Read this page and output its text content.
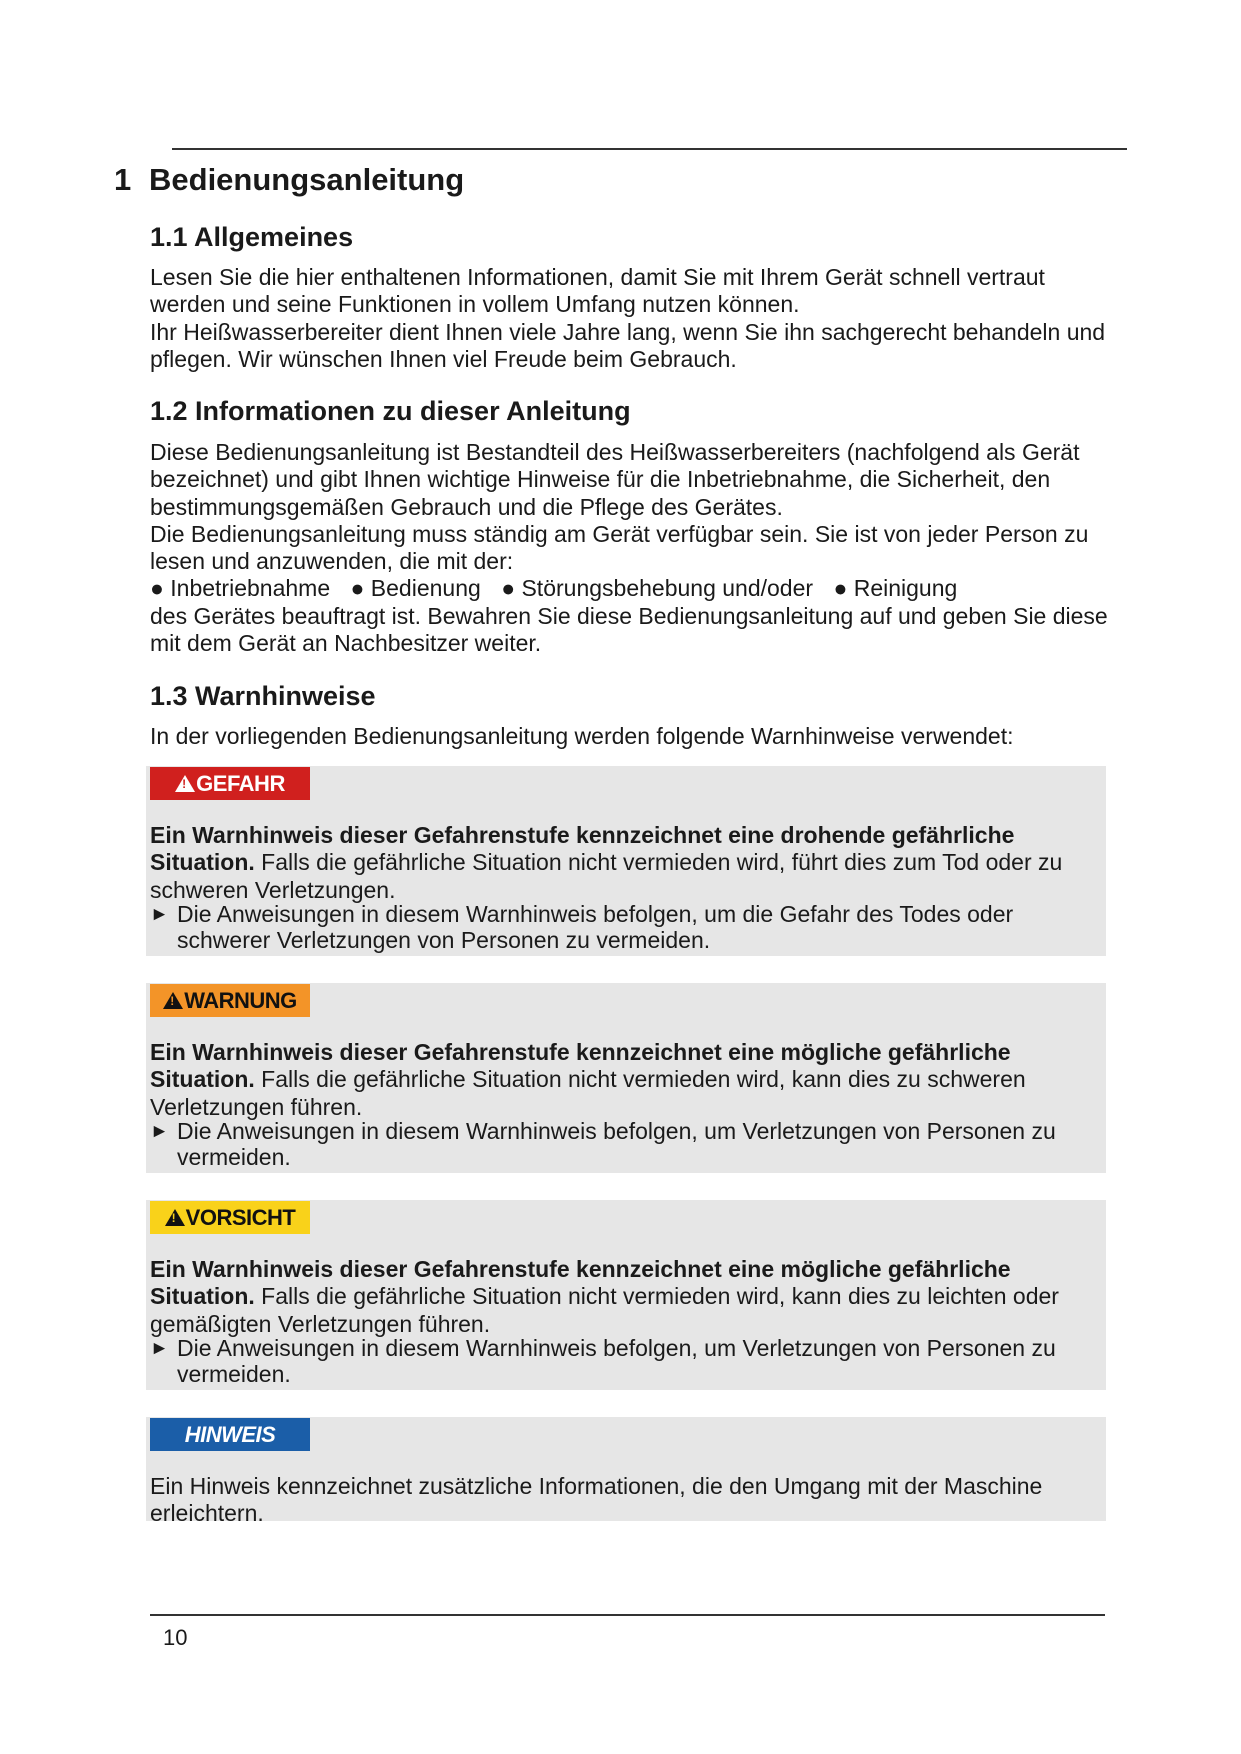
1 Bedienungsanleitung
1.1 Allgemeines

Lesen Sie die hier enthaltenen Informationen, damit Sie mit Ihrem Gerät schnell vertraut werden und seine Funktionen in vollem Umfang nutzen können.

Ihr Heißwasserbereiter dient Ihnen viele Jahre lang, wenn Sie ihn sachgerecht behandeln und pflegen. Wir wünschen Ihnen viel Freude beim Gebrauch.

1.2 Informationen zu dieser Anleitung

Diese Bedienungsanleitung ist Bestandteil des Heißwasserbereiters (nachfolgend als Gerät bezeichnet) und gibt Ihnen wichtige Hinweise für die Inbetriebnahme, die Sicherheit, den bestimmungsgemäßen Gebrauch und die Pflege des Gerätes.

Die Bedienungsanleitung muss ständig am Gerät verfügbar sein. Sie ist von jeder Person zu lesen und anzuwenden, die mit der:

● Inbetriebnahme ● Bedienung ● Störungsbehebung und/oder ● Reinigung

des Gerätes beauftragt ist. Bewahren Sie diese Bedienungsanleitung auf und geben Sie diese mit dem Gerät an Nachbesitzer weiter.

1.3 Warnhinweise

In der vorliegenden Bedienungsanleitung werden folgende Warnhinweise verwendet:

!GEFAHR

Ein Warnhinweis dieser Gefahrenstufe kennzeichnet eine drohende gefährliche Situation. Falls die gefährliche Situation nicht vermieden wird, führt dies zum Tod oder zu schweren Verletzungen.

► Die Anweisungen in diesem Warnhinweis befolgen, um die Gefahr des Todes oder schwerer Verletzungen von Personen zu vermeiden.

!WARNUNG

Ein Warnhinweis dieser Gefahrenstufe kennzeichnet eine mögliche gefährliche Situation. Falls die gefährliche Situation nicht vermieden wird, kann dies zu schweren Verletzungen führen.

► Die Anweisungen in diesem Warnhinweis befolgen, um Verletzungen von Personen zu vermeiden.

!VORSICHT

Ein Warnhinweis dieser Gefahrenstufe kennzeichnet eine mögliche gefährliche Situation. Falls die gefährliche Situation nicht vermieden wird, kann dies zu leichten oder gemäßigten Verletzungen führen.

► Die Anweisungen in diesem Warnhinweis befolgen, um Verletzungen von Personen zu vermeiden.

HINWEIS

Ein Hinweis kennzeichnet zusätzliche Informationen, die den Umgang mit der Maschine erleichtern.

10
